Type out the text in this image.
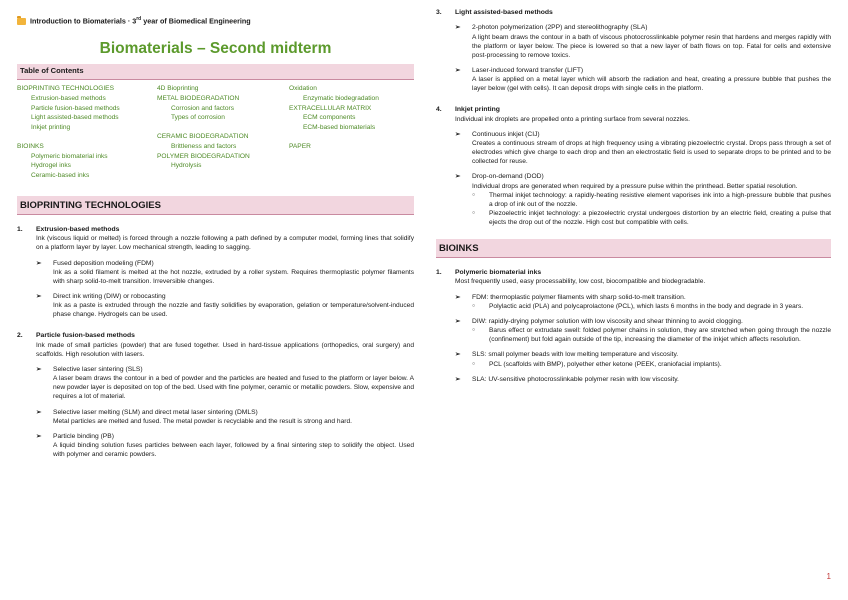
Introduction to Biomaterials · 3rd year of Biomedical Engineering
Biomaterials – Second midterm
Table of Contents
BIOPRINTING TECHNOLOGIES
Extrusion-based methods
Particle fusion-based methods
Light assisted-based methods
Inkjet printing
BIOINKS
Polymeric biomaterial inks
Hydrogel inks
Ceramic-based inks
4D Bioprinting
METAL BIODEGRADATION
Corrosion and factors
Types of corrosion
CERAMIC BIODEGRADATION
Brittleness and factors
POLYMER BIODEGRADATION
Hydrolysis
Oxidation
Enzymatic biodegradation
EXTRACELLULAR MATRIX
ECM components
ECM-based biomaterials
PAPER
BIOPRINTING TECHNOLOGIES
1.	Extrusion-based methods
Ink (viscous liquid or melted) is forced through a nozzle following a path defined by a computer model, forming lines that solidify on a platform layer by layer. Low mechanical strength, leading to sagging.
➢	Fused deposition modeling (FDM)
Ink as a solid filament is melted at the hot nozzle, extruded by a roller system. Requires thermoplastic polymer filaments with sharp solid-to-melt transition. Irreversible changes.
➢	Direct ink writing (DIW) or robocasting
Ink as a paste is extruded through the nozzle and fastly solidifies by evaporation, gelation or temperature/solvent-induced phase change. Hydrogels can be used.
2.	Particle fusion-based methods
Ink made of small particles (powder) that are fused together. Used in hard-tissue applications (orthopedics, oral surgery) and scaffolds. High resolution with lasers.
➢	Selective laser sintering (SLS)
A laser beam draws the contour in a bed of powder and the particles are heated and fused to the platform or layer below. A new powder layer is deposited on top of the bed. Used with fine polymer, ceramic or metallic powders. Slow, expensive and requires a lot of material.
➢	Selective laser melting (SLM) and direct metal laser sintering (DMLS)
Metal particles are melted and fused. The metal powder is recyclable and the result is strong and hard.
➢	Particle binding (PB)
A liquid binding solution fuses particles between each layer, followed by a final sintering step to solidify the object. Used with polymer and ceramic powders.
3.	Light assisted-based methods
➢	2-photon polymerization (2PP) and stereolithography (SLA)
A light beam draws the contour in a bath of viscous photocrosslinkable polymer resin that hardens and merges rapidly with the platform or layer below. The piece is lowered so that a new layer of bath flows on top. Fatal for cells and extensive post-processing to remove toxics.
➢	Laser-induced forward transfer (LIFT)
A laser is applied on a metal layer which will absorb the radiation and heat, creating a pressure bubble that pushes the layer below (gel with cells). It can deposit drops with single cells in the platform.
4.	Inkjet printing
Individual ink droplets are propelled onto a printing surface from several nozzles.
➢	Continuous inkjet (CIJ)
Creates a continuous stream of drops at high frequency using a vibrating piezoelectric crystal. Drops pass through a set of electrodes which give charge to each drop and then an electrostatic field is used to separate drops to be printed and to be collected for reuse.
➢	Drop-on-demand (DOD)
Individual drops are generated when required by a pressure pulse within the printhead. Better spatial resolution.
○	Thermal inkjet technology: a rapidly-heating resistive element vaporises ink into a high-pressure bubble that pushes a drop of ink out of the nozzle.
○	Piezoelectric inkjet technology: a piezoelectric crystal undergoes distortion by an electric field, creating a pulse that ejects the drop out of the nozzle. High cost but compatible with cells.
BIOINKS
1.	Polymeric biomaterial inks
Most frequently used, easy processability, low cost, biocompatible and biodegradable.
➢	FDM: thermoplastic polymer filaments with sharp solid-to-melt transition.
○	Polylactic acid (PLA) and polycaprolactone (PCL), which lasts 6 months in the body and degrade in 3 years.
➢	DIW: rapidly-drying polymer solution with low viscosity and shear thinning to avoid clogging.
○	Barus effect or extrudate swell: folded polymer chains in solution, they are stretched when going through the nozzle (confinement) but fold again outside of the tip, increasing the diameter of the inkjet which affects resolution.
➢	SLS: small polymer beads with low melting temperature and viscosity.
○	PCL (scaffolds with BMP), polyether ether ketone (PEEK, craniofacial implants).
➢	SLA: UV-sensitive photocrosslinkable polymer resin with low viscosity.
1
